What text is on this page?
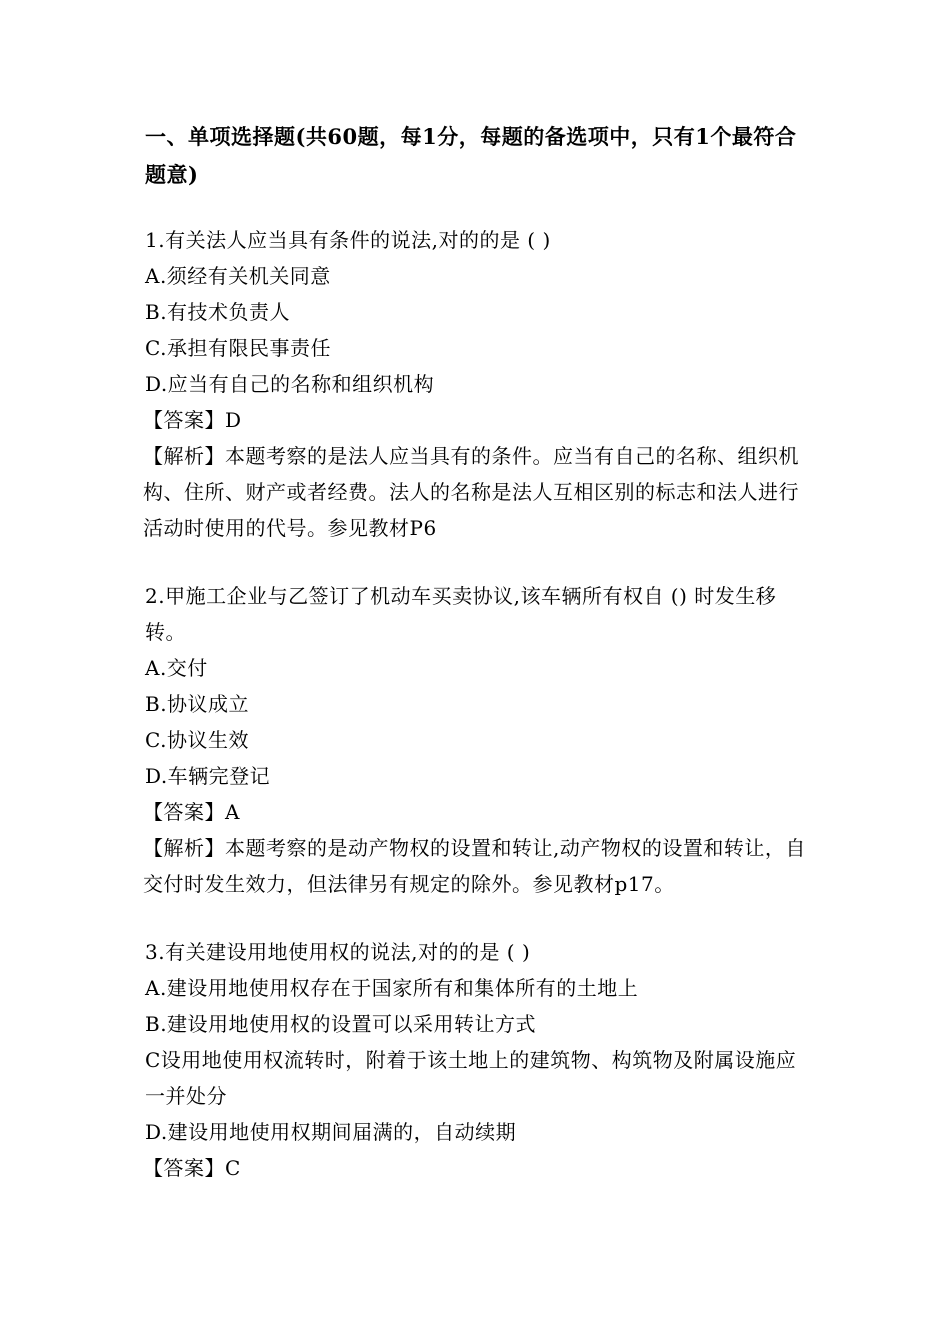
一、单项选择题(共60题，每1分，每题的备选项中，只有1个最符合题意)
1.有关法人应当具有条件的说法,对的的是 ( )
A.须经有关机关同意
B.有技术负责人
C.承担有限民事责任
D.应当有自己的名称和组织机构
【答案】D
【解析】本题考察的是法人应当具有的条件。应当有自己的名称、组织机构、住所、财产或者经费。法人的名称是法人互相区别的标志和法人进行活动时使用的代号。参见教材P6
2.甲施工企业与乙签订了机动车买卖协议,该车辆所有权自 () 时发生移转。
A.交付
B.协议成立
C.协议生效
D.车辆完登记
【答案】A
【解析】本题考察的是动产物权的设置和转让,动产物权的设置和转让，自交付时发生效力，但法律另有规定的除外。参见教材p17。
3.有关建设用地使用权的说法,对的的是 ( )
A.建设用地使用权存在于国家所有和集体所有的土地上
B.建设用地使用权的设置可以采用转让方式
C设用地使用权流转时，附着于该土地上的建筑物、构筑物及附属设施应一并处分
D.建设用地使用权期间届满的，自动续期
【答案】C
